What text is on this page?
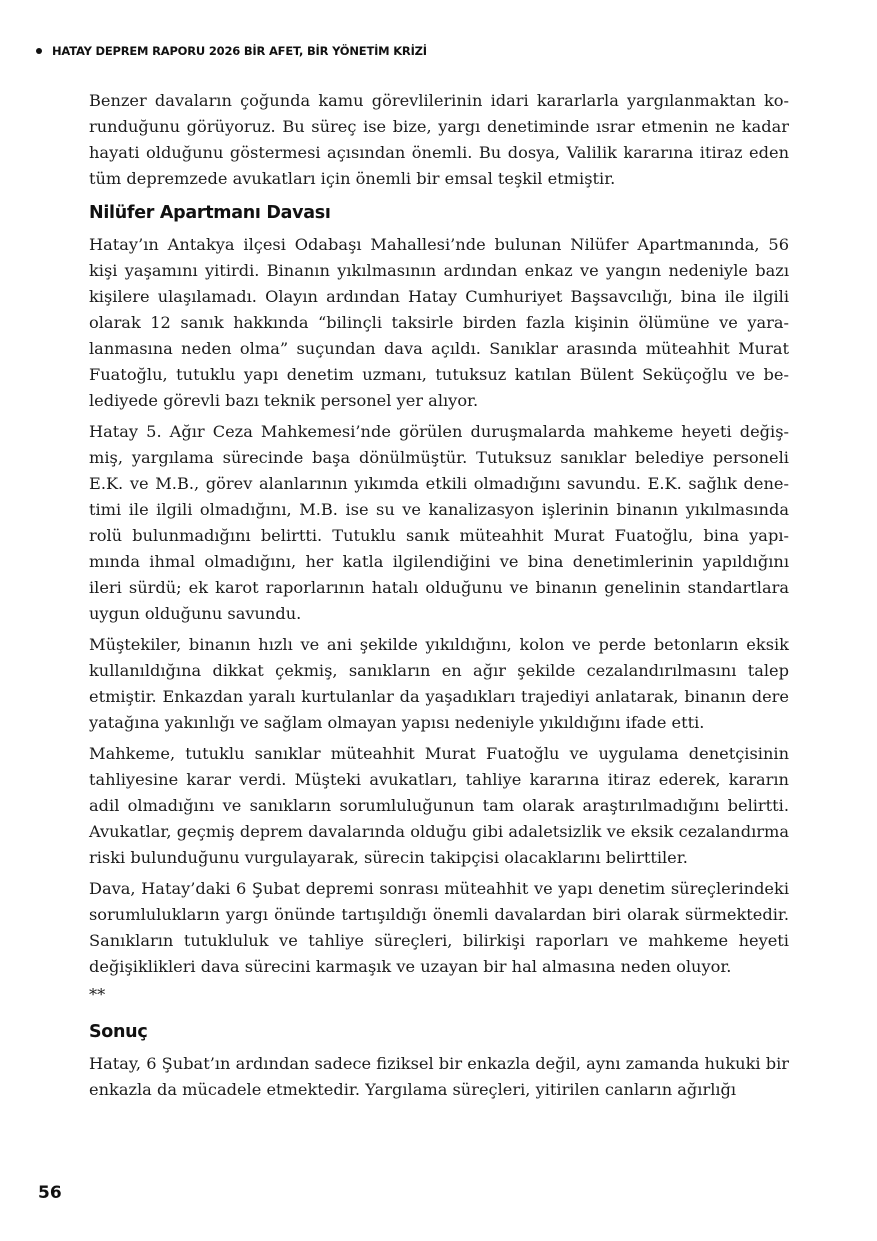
HATAY DEPREM RAPORU 2026 BİR AFET, BİR YÖNETİM KRİZİ

Benzer davaların çoğunda kamu görevlilerinin idari kararlarla yargılanmaktan korunduğunu görüyoruz. Bu süreç ise bize, yargı denetiminde ısrar etmenin ne kadar hayati olduğunu göstermesi açısından önemli. Bu dosya, Valilik kararına itiraz eden tüm depremzede avukatları için önemli bir emsal teşkil etmiştir.

Nilüfer Apartmanı Davası

Hatay’ın Antakya ilçesi Odabaşı Mahallesi’nde bulunan Nilüfer Apartmanında, 56 kişi yaşamını yitirdi. Binanın yıkılmasının ardından enkaz ve yangın nedeniyle bazı kişilere ulaşılamadı. Olayın ardından Hatay Cumhuriyet Başsavcılığı, bina ile ilgili olarak 12 sanık hakkında “bilinçli taksirle birden fazla kişinin ölümüne ve yaralanmasına neden olma” suçundan dava açıldı. Sanıklar arasında müteahhit Murat Fuatoğlu, tutuklu yapı denetim uzmanı, tutuksuz katılan Bülent Seküçoğlu ve belediyede görevli bazı teknik personel yer alıyor.

Hatay 5. Ağır Ceza Mahkemesi’nde görülen duruşmalarda mahkeme heyeti değişmiş, yargılama sürecinde başa dönülmüştür. Tutuksuz sanıklar belediye personeli E.K. ve M.B., görev alanlarının yıkımda etkili olmadığını savundu. E.K. sağlık denetimi ile ilgili olmadığını, M.B. ise su ve kanalizasyon işlerinin binanın yıkılmasında rolü bulunmadığını belirtti. Tutuklu sanık müteahhit Murat Fuatoğlu, bina yapımında ihmal olmadığını, her katla ilgilendiğini ve bina denetimlerinin yapıldığını ileri sürdü; ek karot raporlarının hatalı olduğunu ve binanın genelinin standartlara uygun olduğunu savundu.

Müştekiler, binanın hızlı ve ani şekilde yıkıldığını, kolon ve perde betonların eksik kullanıldığına dikkat çekmiş, sanıkların en ağır şekilde cezalandırılmasını talep etmiştir. Enkazdan yaralı kurtulanlar da yaşadıkları trajediyi anlatarak, binanın dere yatağına yakınlığı ve sağlam olmayan yapısı nedeniyle yıkıldığını ifade etti.

Mahkeme, tutuklu sanıklar müteahhit Murat Fuatoğlu ve uygulama denetçisinin tahliyesine karar verdi. Müşteki avukatları, tahliye kararına itiraz ederek, kararın adil olmadığını ve sanıkların sorumluluğunun tam olarak araştırılmadığını belirtti. Avukatlar, geçmiş deprem davalarında olduğu gibi adaletsizlik ve eksik cezalandırma riski bulunduğunu vurgulayarak, sürecin takipçisi olacaklarını belirttiler.

Dava, Hatay’daki 6 Şubat depremi sonrası müteahhit ve yapı denetim süreçlerindeki sorumlulukların yargı önünde tartışıldığı önemli davalardan biri olarak sürmektedir. Sanıkların tutukluluk ve tahliye süreçleri, bilirkişi raporları ve mahkeme heyeti değişiklikleri dava sürecini karmaşık ve uzayan bir hal almasına neden oluyor.

**
Sonuç

Hatay, 6 Şubat’ın ardından sadece fiziksel bir enkazla değil, aynı zamanda hukuki bir enkazla da mücadele etmektedir. Yargılama süreçleri, yitirilen canların ağırlığı

56
